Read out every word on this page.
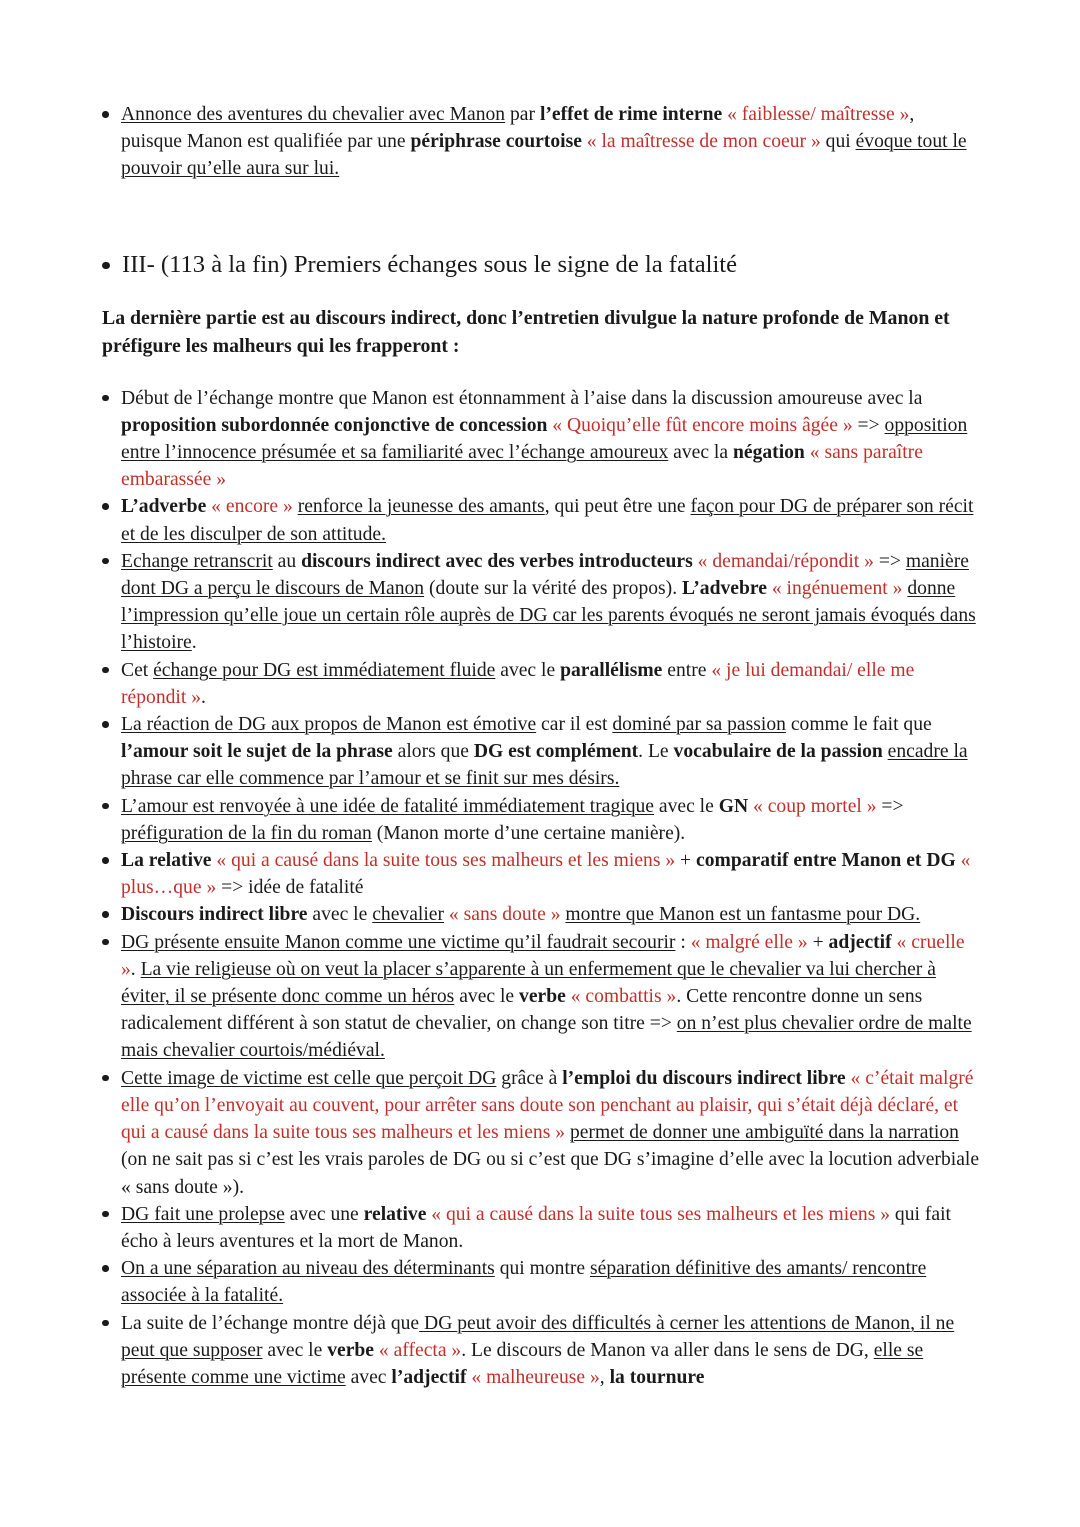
Annonce des aventures du chevalier avec Manon par l’effet de rime interne « faiblesse/ maîtresse », puisque Manon est qualifiée par une périphrase courtoise « la maîtresse de mon coeur » qui évoque tout le pouvoir qu’elle aura sur lui.
III- (113 à la fin) Premiers échanges sous le signe de la fatalité

La dernière partie est au discours indirect, donc l’entretien divulgue la nature profonde de Manon et préfigure les malheurs qui les frapperont :

Début de l’échange montre que Manon est étonnamment à l’aise dans la discussion amoureuse avec la proposition subordonnée conjonctive de concession « Quoiqu’elle fût encore moins âgée » => opposition entre l’innocence présumée et sa familiarité avec l’échange amoureux avec la négation « sans paraître embarassée »
L’adverbe « encore » renforce la jeunesse des amants, qui peut être une façon pour DG de préparer son récit et de les disculper de son attitude.
Echange retranscrit au discours indirect avec des verbes introducteurs « demandai/répondit » => manière dont DG a perçu le discours de Manon (doute sur la vérité des propos). L’advebre « ingénuement » donne l’impression qu’elle joue un certain rôle auprès de DG car les parents évoqués ne seront jamais évoqués dans l’histoire.
Cet échange pour DG est immédiatement fluide avec le parallélisme entre « je lui demandai/ elle me répondit ».
La réaction de DG aux propos de Manon est émotive car il est dominé par sa passion comme le fait que l’amour soit le sujet de la phrase alors que DG est complément. Le vocabulaire de la passion encadre la phrase car elle commence par l’amour et se finit sur mes désirs.
L’amour est renvoyée à une idée de fatalité immédiatement tragique avec le GN « coup mortel » => préfiguration de la fin du roman (Manon morte d’une certaine manière).
La relative « qui a causé dans la suite tous ses malheurs et les miens » + comparatif entre Manon et DG « plus…que » => idée de fatalité
Discours indirect libre avec le chevalier « sans doute » montre que Manon est un fantasme pour DG.
DG présente ensuite Manon comme une victime qu’il faudrait secourir : « malgré elle » + adjectif « cruelle ». La vie religieuse où on veut la placer s’apparente à un enfermement que le chevalier va lui chercher à éviter, il se présente donc comme un héros avec le verbe « combattis ». Cette rencontre donne un sens radicalement différent à son statut de chevalier, on change son titre => on n’est plus chevalier ordre de malte mais chevalier courtois/médiéval.
Cette image de victime est celle que perçoit DG grâce à l’emploi du discours indirect libre « c’était malgré elle qu’on l’envoyait au couvent, pour arrêter sans doute son penchant au plaisir, qui s’était déjà déclaré, et qui a causé dans la suite tous ses malheurs et les miens » permet de donner une ambiguïté dans la narration (on ne sait pas si c’est les vrais paroles de DG ou si c’est que DG s’imagine d’elle avec la locution adverbiale « sans doute »).
DG fait une prolepse avec une relative « qui a causé dans la suite tous ses malheurs et les miens » qui fait écho à leurs aventures et la mort de Manon.
On a une séparation au niveau des déterminants qui montre séparation définitive des amants/ rencontre associée à la fatalité.
La suite de l’échange montre déjà que DG peut avoir des difficultés à cerner les attentions de Manon, il ne peut que supposer avec le verbe « affecta ». Le discours de Manon va aller dans le sens de DG, elle se présente comme une victime avec l’adjectif « malheureuse », la tournure
